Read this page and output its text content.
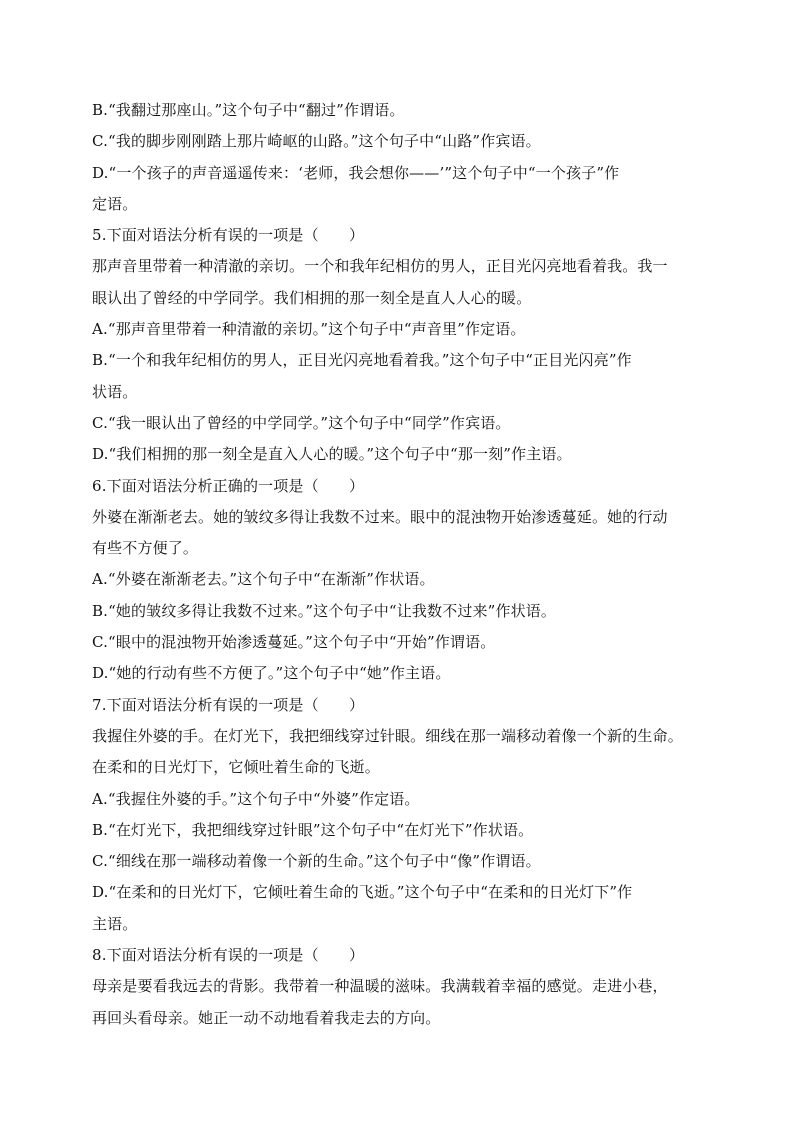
B.“我翻过那座山。”这个句子中“翻过”作谓语。
C.“我的脚步刚刚踏上那片崎岖的山路。”这个句子中“山路”作宾语。
D.“一个孩子的声音遥遥传来：‘老师，我会想你——’”这个句子中“一个孩子”作
定语。
5.下面对语法分析有误的一项是（　　）
那声音里带着一种清澈的亲切。一个和我年纪相仿的男人，正目光闪亮地看着我。我一
眼认出了曾经的中学同学。我们相拥的那一刻全是直人人心的暖。
A.“那声音里带着一种清澈的亲切。”这个句子中“声音里”作定语。
B.“一个和我年纪相仿的男人，正目光闪亮地看着我。”这个句子中“正目光闪亮”作
状语。
C.“我一眼认出了曾经的中学同学。”这个句子中“同学”作宾语。
D.“我们相拥的那一刻全是直入人心的暖。”这个句子中“那一刻”作主语。
6.下面对语法分析正确的一项是（　　）
外婆在渐渐老去。她的皱纹多得让我数不过来。眼中的混浊物开始渗透蔓延。她的行动
有些不方便了。
A.“外婆在渐渐老去。”这个句子中“在渐渐”作状语。
B.“她的皱纹多得让我数不过来。”这个句子中“让我数不过来”作状语。
C.“眼中的混浊物开始渗透蔓延。”这个句子中“开始”作谓语。
D.“她的行动有些不方便了。”这个句子中“她”作主语。
7.下面对语法分析有误的一项是（　　）
我握住外婆的手。在灯光下，我把细线穿过针眼。细线在那一端移动着像一个新的生命。
在柔和的日光灯下，它倾吐着生命的飞逝。
A.“我握住外婆的手。”这个句子中“外婆”作定语。
B.“在灯光下，我把细线穿过针眼”这个句子中“在灯光下”作状语。
C.“细线在那一端移动着像一个新的生命。”这个句子中“像”作谓语。
D.“在柔和的日光灯下，它倾吐着生命的飞逝。”这个句子中“在柔和的日光灯下”作
主语。
8.下面对语法分析有误的一项是（　　）
母亲是要看我远去的背影。我带着一种温暖的滋味。我满载着幸福的感觉。走进小巷，
再回头看母亲。她正一动不动地看着我走去的方向。
